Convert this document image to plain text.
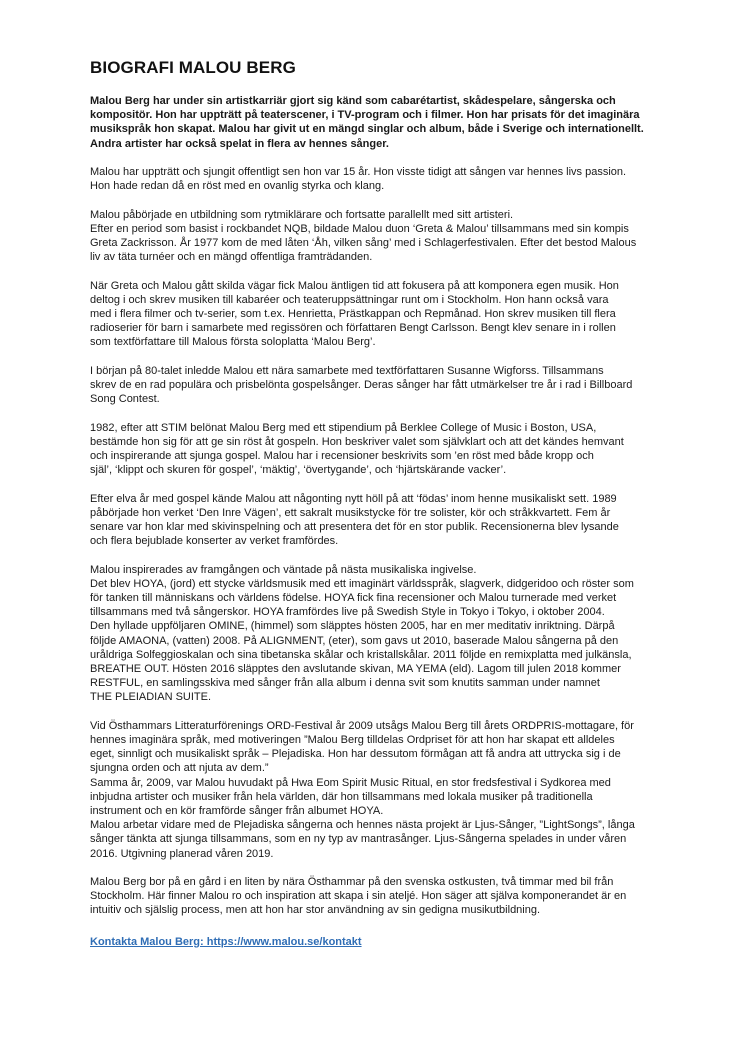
BIOGRAFI MALOU BERG
Malou Berg har under sin artistkarriär gjort sig känd som cabarétartist, skådespelare, sångerska och
kompositör. Hon har uppträtt på teaterscener, i TV-program och i filmer. Hon har prisats för det imaginära
musikspråk hon skapat. Malou har givit ut en mängd singlar och album, både i Sverige och internationellt.
Andra artister har också spelat in flera av hennes sånger.
Malou har uppträtt och sjungit offentligt sen hon var 15 år. Hon visste tidigt att sången var hennes livs passion.
Hon hade redan då en röst med en ovanlig styrka och klang.
Malou påbörjade en utbildning som rytmiklärare och fortsatte parallellt med sitt artisteri.
Efter en period som basist i rockbandet NQB, bildade Malou duon ‘Greta & Malou’ tillsammans med sin kompis
Greta Zackrisson. År 1977 kom de med låten ‘Åh, vilken sång’ med i Schlagerfestivalen. Efter det bestod Malous
liv av täta turnéer och en mängd offentliga framträdanden.
När Greta och Malou gått skilda vägar fick Malou äntligen tid att fokusera på att komponera egen musik. Hon
deltog i och skrev musiken till kabaréer och teateruppsättningar runt om i Stockholm. Hon hann också vara
med i flera filmer och tv-serier, som t.ex. Henrietta, Prästkappan och Repmånad. Hon skrev musiken till flera
radioserier för barn i samarbete med regissören och författaren Bengt Carlsson. Bengt klev senare in i rollen
som textförfattare till Malous första soloplatta ‘Malou Berg’.
I början på 80-talet inledde Malou ett nära samarbete med textförfattaren Susanne Wigforss. Tillsammans
skrev de en rad populära och prisbelönta gospelsånger. Deras sånger har fått utmärkelser tre år i rad i Billboard
Song Contest.
1982, efter att STIM belönat Malou Berg med ett stipendium på Berklee College of Music i Boston, USA,
bestämde hon sig för att ge sin röst åt gospeln. Hon beskriver valet som självklart och att det kändes hemvant
och inspirerande att sjunga gospel. Malou har i recensioner beskrivits som ’en röst med både kropp och
själ’, ‘klippt och skuren för gospel’, ‘mäktig’, ‘övertygande’, och ‘hjärtskärande vacker’.
Efter elva år med gospel kände Malou att någonting nytt höll på att ‘födas’ inom henne musikaliskt sett. 1989
påbörjade hon verket ‘Den Inre Vägen’, ett sakralt musikstycke för tre solister, kör och stråkkvartett. Fem år
senare var hon klar med skivinspelning och att presentera det för en stor publik. Recensionerna blev lysande
och flera bejublade konserter av verket framfördes.
Malou inspirerades av framgången och väntade på nästa musikaliska ingivelse.
Det blev HOYA, (jord) ett stycke världsmusik med ett imaginärt världsspråk, slagverk, didgeridoo och röster som
för tanken till människans och världens födelse. HOYA fick fina recensioner och Malou turnerade med verket
tillsammans med två sångerskor. HOYA framfördes live på Swedish Style in Tokyo i Tokyo, i oktober 2004.
Den hyllade uppföljaren OMINE, (himmel) som släpptes hösten 2005, har en mer meditativ inriktning. Därpå
följde AMAONA, (vatten) 2008. På ALIGNMENT, (eter), som gavs ut 2010, baserade Malou sångerna på den
uråldriga Solfeggioskalan och sina tibetanska skålar och kristallskålar. 2011 följde en remixplatta med julkänsla,
BREATHE OUT. Hösten 2016 släpptes den avslutande skivan, MA YEMA (eld). Lagom till julen 2018 kommer
RESTFUL, en samlingsskiva med sånger från alla album i denna svit som knutits samman under namnet
THE PLEIADIAN SUITE.
Vid Östhammars Litteraturförenings ORD-Festival år 2009 utsågs Malou Berg till årets ORDPRIS-mottagare, för
hennes imaginära språk, med motiveringen ”Malou Berg tilldelas Ordpriset för att hon har skapat ett alldeles
eget, sinnligt och musikaliskt språk – Plejadiska. Hon har dessutom förmågan att få andra att uttrycka sig i de
sjungna orden och att njuta av dem.”
Samma år, 2009, var Malou huvudakt på Hwa Eom Spirit Music Ritual, en stor fredsfestival i Sydkorea med
inbjudna artister och musiker från hela världen, där hon tillsammans med lokala musiker på traditionella
instrument och en kör framförde sånger från albumet HOYA.
Malou arbetar vidare med de Plejadiska sångerna och hennes nästa projekt är Ljus-Sånger, ”LightSongs”, långa
sånger tänkta att sjunga tillsammans, som en ny typ av mantrasånger. Ljus-Sångerna spelades in under våren
2016. Utgivning planerad våren 2019.
Malou Berg bor på en gård i en liten by nära Östhammar på den svenska ostkusten, två timmar med bil från
Stockholm. Här finner Malou ro och inspiration att skapa i sin ateljé. Hon säger att själva komponerandet är en
intuitiv och själslig process, men att hon har stor användning av sin gedigna musikutbildning.
Kontakta Malou Berg: https://www.malou.se/kontakt
